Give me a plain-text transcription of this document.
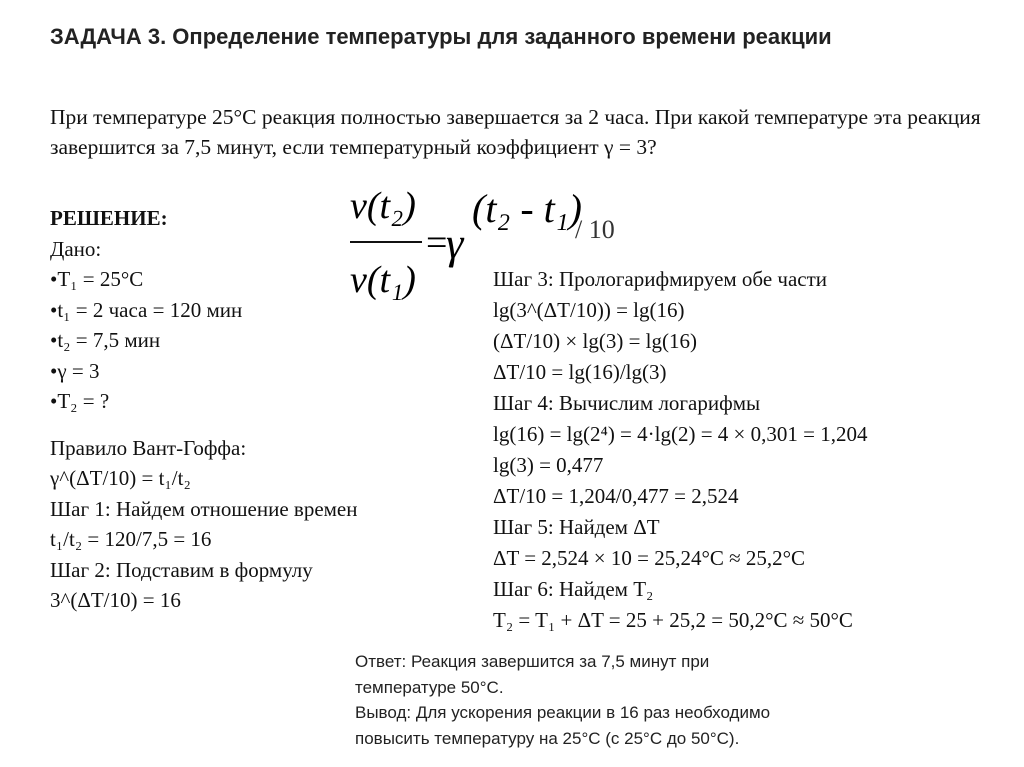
ЗАДАЧА 3. Определение температуры для заданного времени реакции
При температуре 25°С реакция полностью завершается за 2 часа. При какой температуре эта реакция завершится за 7,5 минут, если температурный коэффициент γ = 3?
ν(t₂)
ν(t₁)
=
γ
(t₂ - t₁)
/ 10
РЕШЕНИЕ:
Дано:
•T₁ = 25°C
•t₁ = 2 часа = 120 мин
•t₂ = 7,5 мин
•γ = 3
•T₂ = ?
Правило Вант-Гоффа:
γ^(ΔT/10) = t₁/t₂
Шаг 1: Найдем отношение времен
t₁/t₂ = 120/7,5 = 16
Шаг 2: Подставим в формулу
3^(ΔT/10) = 16
Шаг 3: Прологарифмируем обе части
lg(3^(ΔT/10)) = lg(16)
(ΔT/10) × lg(3) = lg(16)
ΔT/10 = lg(16)/lg(3)
Шаг 4: Вычислим логарифмы
lg(16) = lg(2⁴) = 4·lg(2) = 4 × 0,301 = 1,204
lg(3) = 0,477
ΔT/10 = 1,204/0,477 = 2,524
Шаг 5: Найдем ΔT
ΔT = 2,524 × 10 = 25,24°C ≈ 25,2°C
Шаг 6: Найдем T₂
T₂ = T₁ + ΔT = 25 + 25,2 = 50,2°C ≈ 50°C
Ответ: Реакция завершится за 7,5 минут при
температуре 50°С.
Вывод: Для ускорения реакции в 16 раз необходимо
повысить температуру на 25°С (с 25°С до 50°С).
